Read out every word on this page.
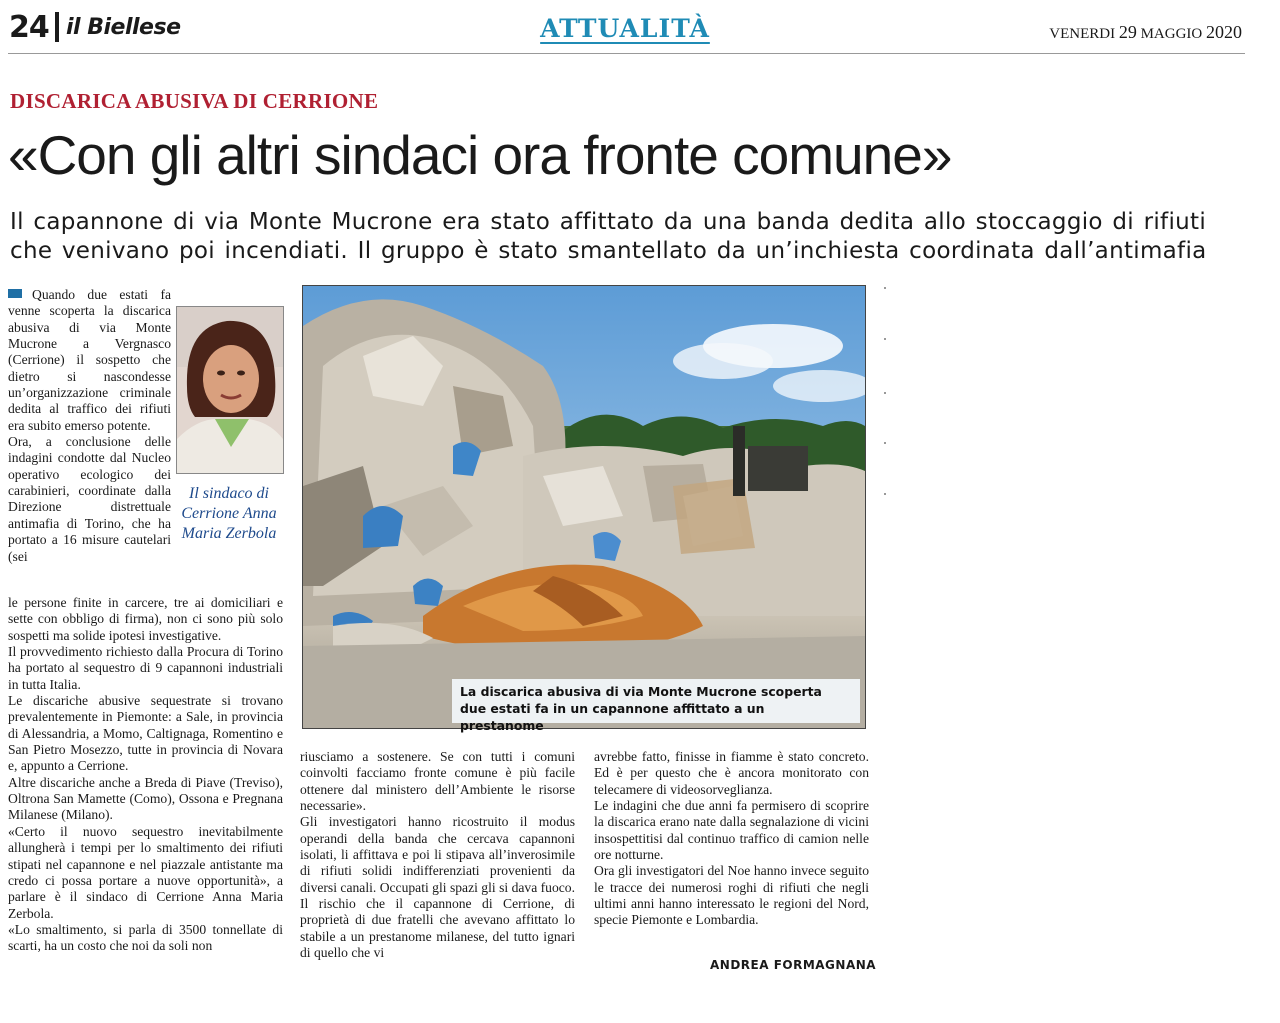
24 il Biellese	ATTUALITÀ	VENERDI 29 MAGGIO 2020
DISCARICA ABUSIVA DI CERRIONE
«Con gli altri sindaci ora fronte comune»
Il capannone di via Monte Mucrone era stato affittato da una banda dedita allo stoccaggio di rifiuti che venivano poi incendiati. Il gruppo è stato smantellato da un’inchiesta coordinata dall’antimafia

Quando due estati fa venne scoperta la discarica abusiva di via Monte Mucrone a Vergnasco (Cerrione) il sospetto che dietro si nascondesse un’organizzazione criminale dedita al traffico dei rifiuti era subito emerso potente.

Ora, a conclusione delle indagini condotte dal Nucleo operativo ecologico dei carabinieri, coordinate dalla Direzione distrettuale antimafia di Torino, che ha portato a 16 misure cautelari (sei

Il sindaco di Cerrione Anna Maria Zerbola
La discarica abusiva di via Monte Mucrone scoperta due estati fa in un capannone affittato a un prestanome

le persone finite in carcere, tre ai domiciliari e sette con obbligo di firma), non ci sono più solo sospetti ma solide ipotesi investigative.

Il provvedimento richiesto dalla Procura di Torino ha portato al sequestro di 9 capannoni industriali in tutta Italia.

Le discariche abusive sequestrate si trovano prevalentemente in Piemonte: a Sale, in provincia di Alessandria, a Momo, Caltignaga, Romentino e San Pietro Mosezzo, tutte in provincia di Novara e, appunto a Cerrione.

Altre discariche anche a Breda di Piave (Treviso), Oltrona San Mamette (Como), Ossona e Pregnana Milanese (Milano).

«Certo il nuovo sequestro inevitabilmente allungherà i tempi per lo smaltimento dei rifiuti stipati nel capannone e nel piazzale antistante ma credo ci possa portare a nuove opportunità», a parlare è il sindaco di Cerrione Anna Maria Zerbola.

«Lo smaltimento, si parla di 3500 tonnellate di scarti, ha un costo che noi da soli non

riusciamo a sostenere. Se con tutti i comuni coinvolti facciamo fronte comune è più facile ottenere dal ministero dell’Ambiente le risorse necessarie».

Gli investigatori hanno ricostruito il modus operandi della banda che cercava capannoni isolati, li affittava e poi li stipava all’inverosimile di rifiuti solidi indifferenziati provenienti da diversi canali. Occupati gli spazi gli si dava fuoco. Il rischio che il capannone di Cerrione, di proprietà di due fratelli che avevano affittato lo stabile a un prestanome milanese, del tutto ignari di quello che vi

avrebbe fatto, finisse in fiamme è stato concreto. Ed è per questo che è ancora monitorato con telecamere di videosorveglianza.

Le indagini che due anni fa permisero di scoprire la discarica erano nate dalla segnalazione di vicini insospettitisi dal continuo traffico di camion nelle ore notturne.

Ora gli investigatori del Noe hanno invece seguito le tracce dei numerosi roghi di rifiuti che negli ultimi anni hanno interessato le regioni del Nord, specie Piemonte e Lombardia.

ANDREA FORMAGNANA
